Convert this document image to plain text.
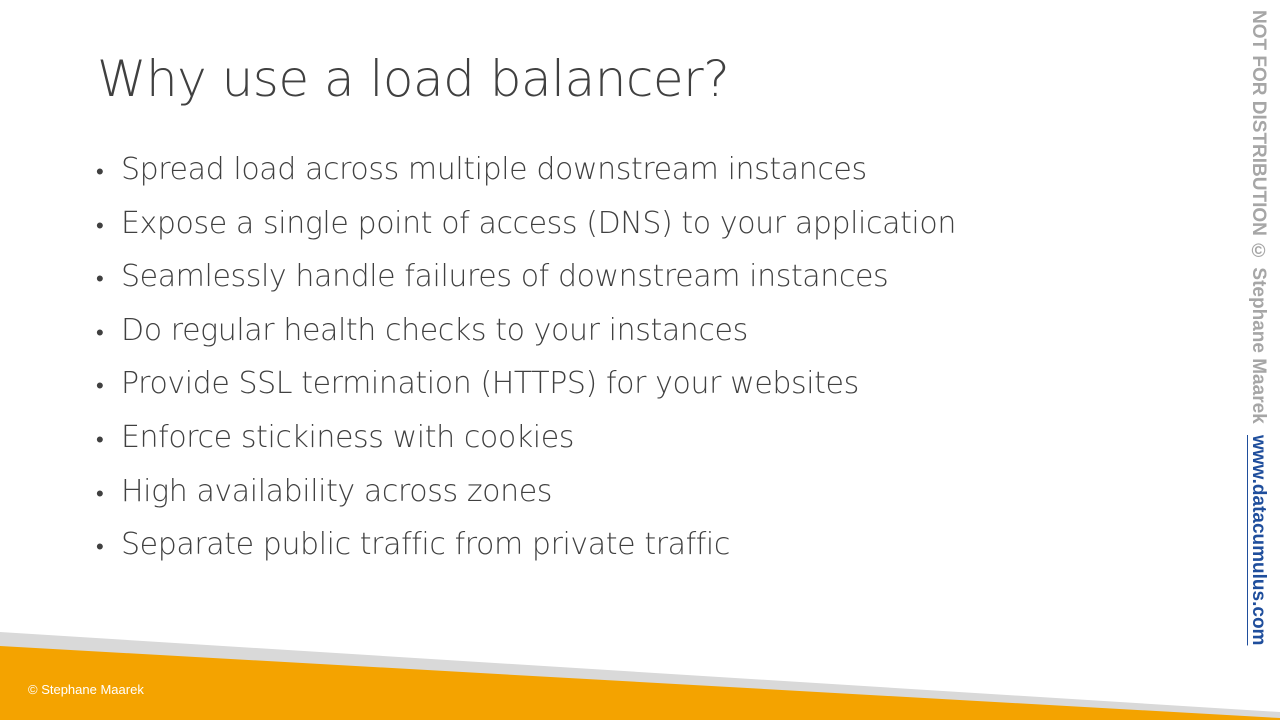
Why use a load balancer?
• Spread load across multiple downstream instances
• Expose a single point of access (DNS) to your application
• Seamlessly handle failures of downstream instances
• Do regular health checks to your instances
• Provide SSL termination (HTTPS) for your websites
• Enforce stickiness with cookies
• High availability across zones
• Separate public traffic from private traffic
© Stephane Maarek
NOT FOR DISTRIBUTION © Stephane Maarek www.datacumulus.com
